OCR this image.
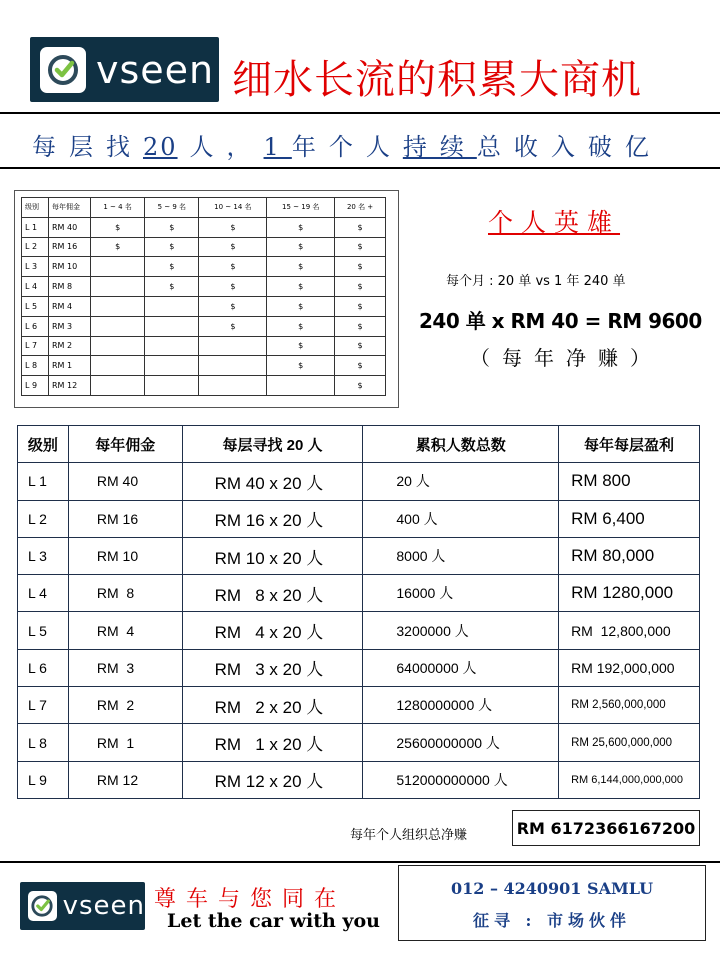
vseen 细水长流的积累大商机
每层找20 人，1年个人持续总收入破亿
级别	每年佣金	1 ~ 4 名	5 ~ 9 名	10 ~ 14 名	15 ~ 19 名	20 名 +
L 1	RM 40	$	$	$	$	$
L 2	RM 16	$	$	$	$	$
L 3	RM 10		$	$	$	$
L 4	RM 8		$	$	$	$
L 5	RM 4			$	$	$
L 6	RM 3			$	$	$
L 7	RM 2				$	$
L 8	RM 1				$	$
L 9	RM 12					$
个人英雄
每个月 : 20 单 vs 1 年 240 单
240 单 x RM 40 = RM 9600
（每年净赚）
级别	每年佣金	每层寻找 20 人	累积人数总数	每年每层盈利
L 1	RM 40	RM 40 x 20 人	20 人	RM 800
L 2	RM 16	RM 16 x 20 人	400 人	RM 6,400
L 3	RM 10	RM 10 x 20 人	8000 人	RM 80,000
L 4	RM  8	RM   8 x 20 人	16000 人	RM 1280,000
L 5	RM  4	RM   4 x 20 人	3200000 人	RM  12,800,000
L 6	RM  3	RM   3 x 20 人	64000000 人	RM 192,000,000
L 7	RM  2	RM   2 x 20 人	1280000000 人	RM 2,560,000,000
L 8	RM  1	RM   1 x 20 人	25600000000 人	RM 25,600,000,000
L 9	RM 12	RM 12 x 20 人	512000000000 人	RM 6,144,000,000,000
每年个人组织总净赚	RM 6172366167200
vseen 尊车与您同在
Let the car with you
012 – 4240901 SAMLU
征寻 : 市场伙伴
